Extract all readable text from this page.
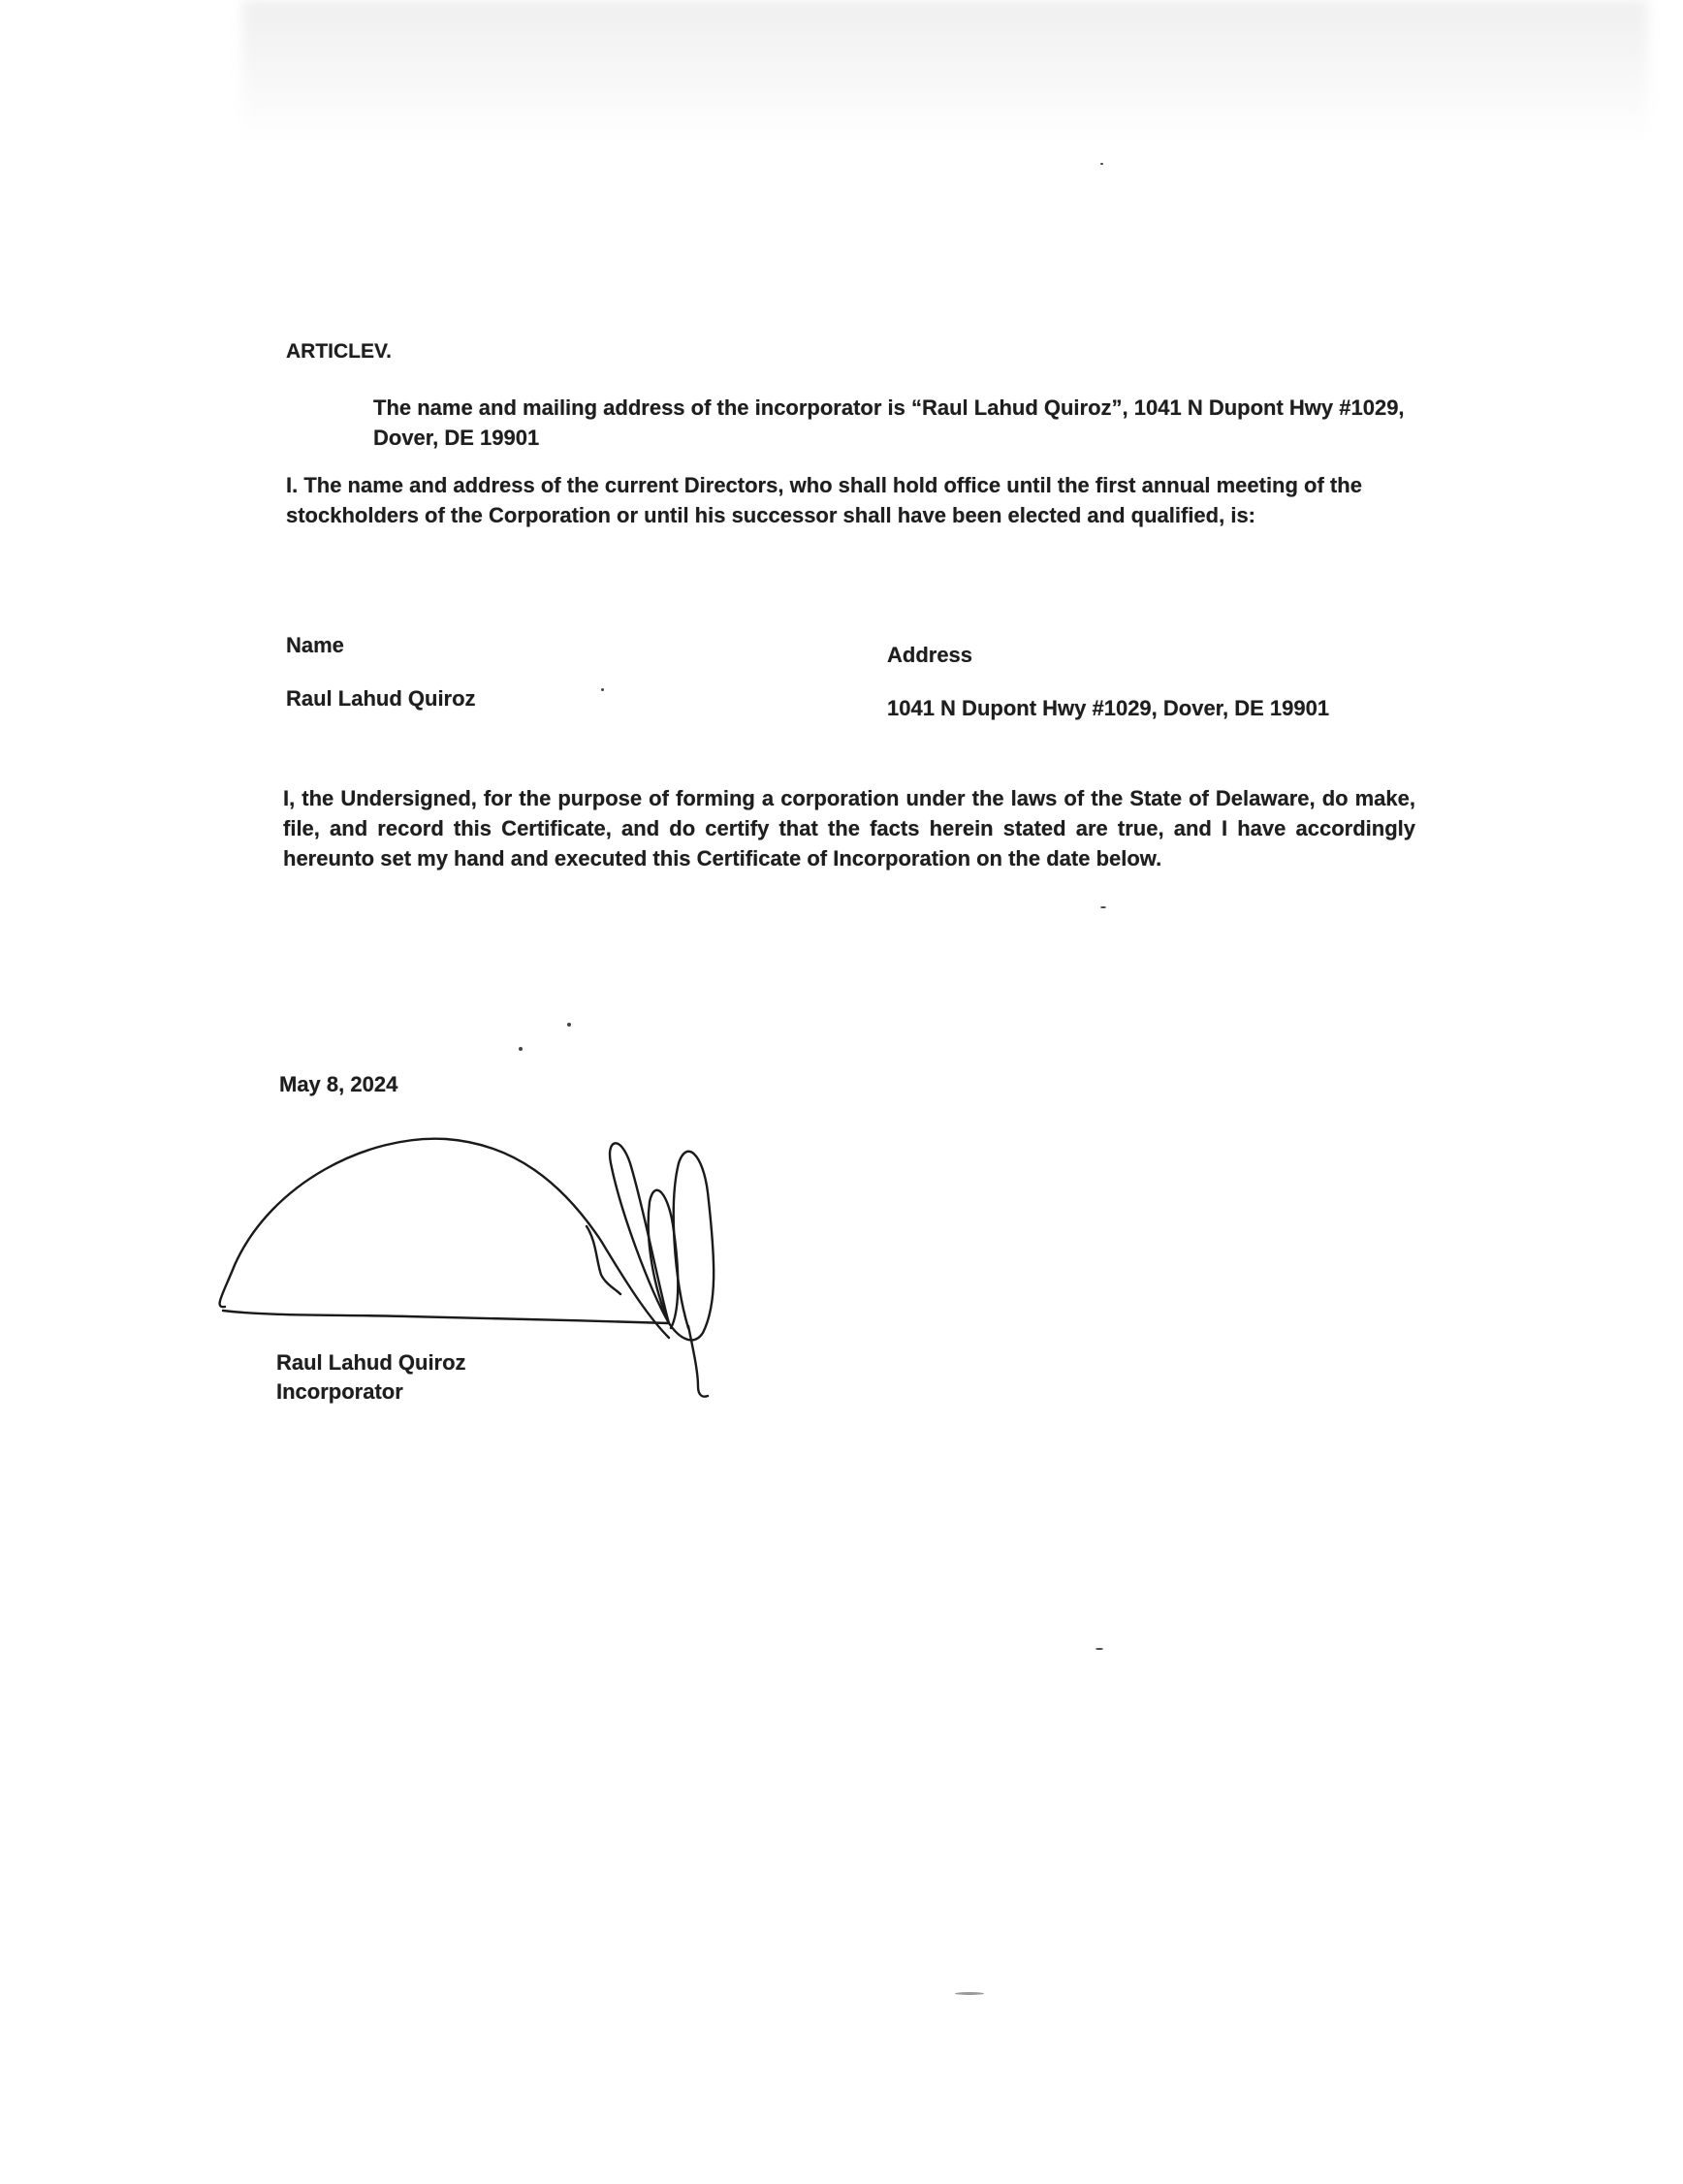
ARTICLEV.
The name and mailing address of the incorporator is “Raul Lahud Quiroz”, 1041 N Dupont Hwy #1029, Dover, DE 19901
I. The name and address of the current Directors, who shall hold office until the first annual meeting of the stockholders of the Corporation or until his successor shall have been elected and qualified, is:
Name	Address
Raul Lahud Quiroz	1041 N Dupont Hwy #1029, Dover, DE 19901
I, the Undersigned, for the purpose of forming a corporation under the laws of the State of Delaware, do make, file, and record this Certificate, and do certify that the facts herein stated are true, and I have accordingly hereunto set my hand and executed this Certificate of Incorporation on the date below.
May 8, 2024
Raul Lahud Quiroz
Incorporator
